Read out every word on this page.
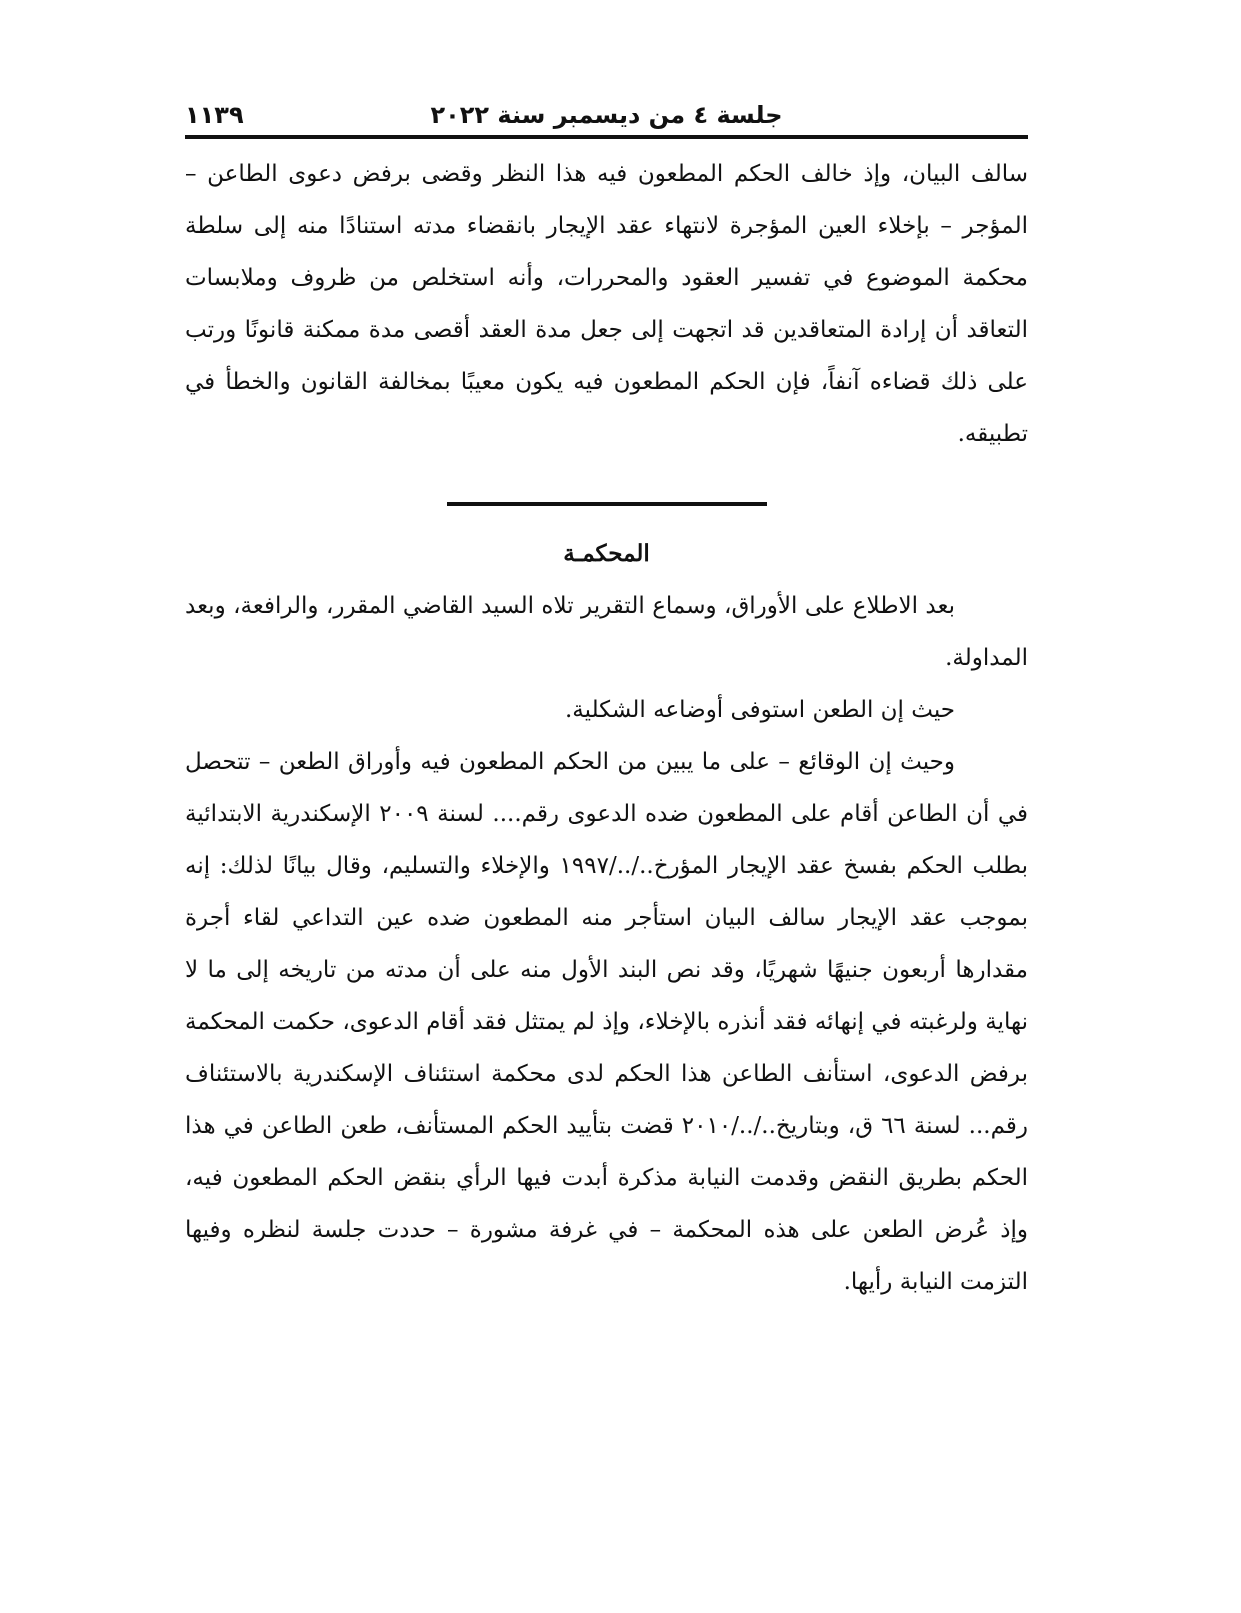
جلسة ٤ من ديسمبر سنة ٢٠٢٢
١١٣٩

سالف البيان، وإذ خالف الحكم المطعون فيه هذا النظر وقضى برفض دعوى الطاعن – المؤجر – بإخلاء العين المؤجرة لانتهاء عقد الإيجار بانقضاء مدته استنادًا منه إلى سلطة محكمة الموضوع في تفسير العقود والمحررات، وأنه استخلص من ظروف وملابسات التعاقد أن إرادة المتعاقدين قد اتجهت إلى جعل مدة العقد أقصى مدة ممكنة قانونًا ورتب على ذلك قضاءه آنفاً، فإن الحكم المطعون فيه يكون معيبًا بمخالفة القانون والخطأ في تطبيقه.

المحكمـة

بعد الاطلاع على الأوراق، وسماع التقرير تلاه السيد القاضي المقرر، والرافعة، وبعد المداولة.

حيث إن الطعن استوفى أوضاعه الشكلية.

وحيث إن الوقائع – على ما يبين من الحكم المطعون فيه وأوراق الطعن – تتحصل في أن الطاعن أقام على المطعون ضده الدعوى رقم.... لسنة ٢٠٠٩ الإسكندرية الابتدائية بطلب الحكم بفسخ عقد الإيجار المؤرخ../../١٩٩٧ والإخلاء والتسليم، وقال بيانًا لذلك: إنه بموجب عقد الإيجار سالف البيان استأجر منه المطعون ضده عين التداعي لقاء أجرة مقدارها أربعون جنيهًا شهريًا، وقد نص البند الأول منه على أن مدته من تاريخه إلى ما لا نهاية ولرغبته في إنهائه فقد أنذره بالإخلاء، وإذ لم يمتثل فقد أقام الدعوى، حكمت المحكمة برفض الدعوى، استأنف الطاعن هذا الحكم لدى محكمة استئناف الإسكندرية بالاستئناف رقم... لسنة ٦٦ ق، وبتاريخ../../٢٠١٠ قضت بتأييد الحكم المستأنف، طعن الطاعن في هذا الحكم بطريق النقض وقدمت النيابة مذكرة أبدت فيها الرأي بنقض الحكم المطعون فيه، وإذ عُرض الطعن على هذه المحكمة – في غرفة مشورة – حددت جلسة لنظره وفيها التزمت النيابة رأيها.
